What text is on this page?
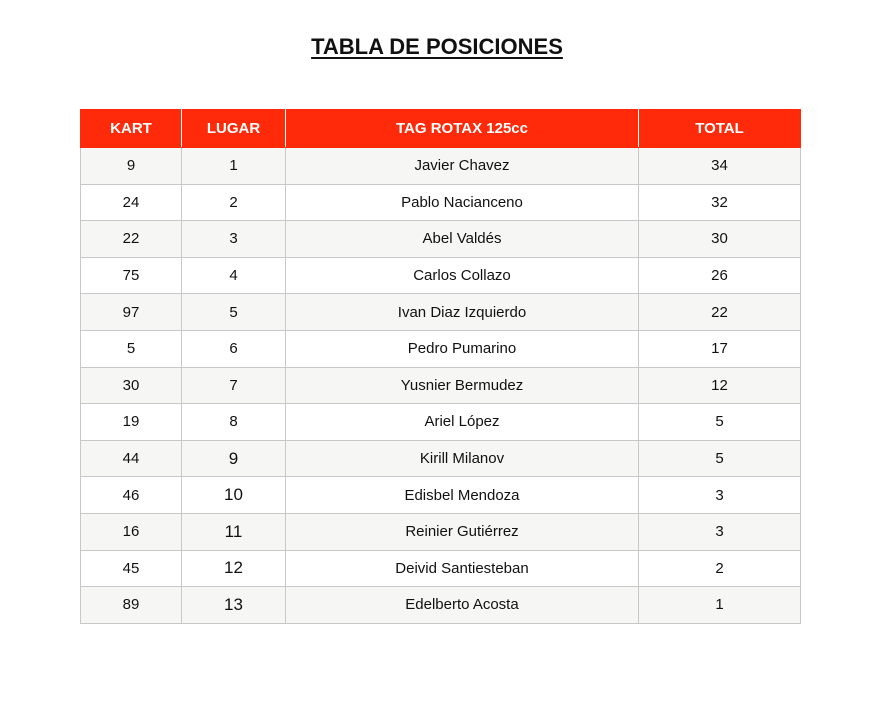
TABLA DE POSICIONES
KART	LUGAR	TAG ROTAX 125cc	TOTAL
9	1	Javier Chavez	34
24	2	Pablo Nacianceno	32
22	3	Abel Valdés	30
75	4	Carlos Collazo	26
97	5	Ivan Diaz Izquierdo	22
5	6	Pedro Pumarino	17
30	7	Yusnier Bermudez	12
19	8	Ariel López	5
44	9	Kirill Milanov	5
46	10	Edisbel Mendoza	3
16	11	Reinier Gutiérrez	3
45	12	Deivid Santiesteban	2
89	13	Edelberto Acosta	1
